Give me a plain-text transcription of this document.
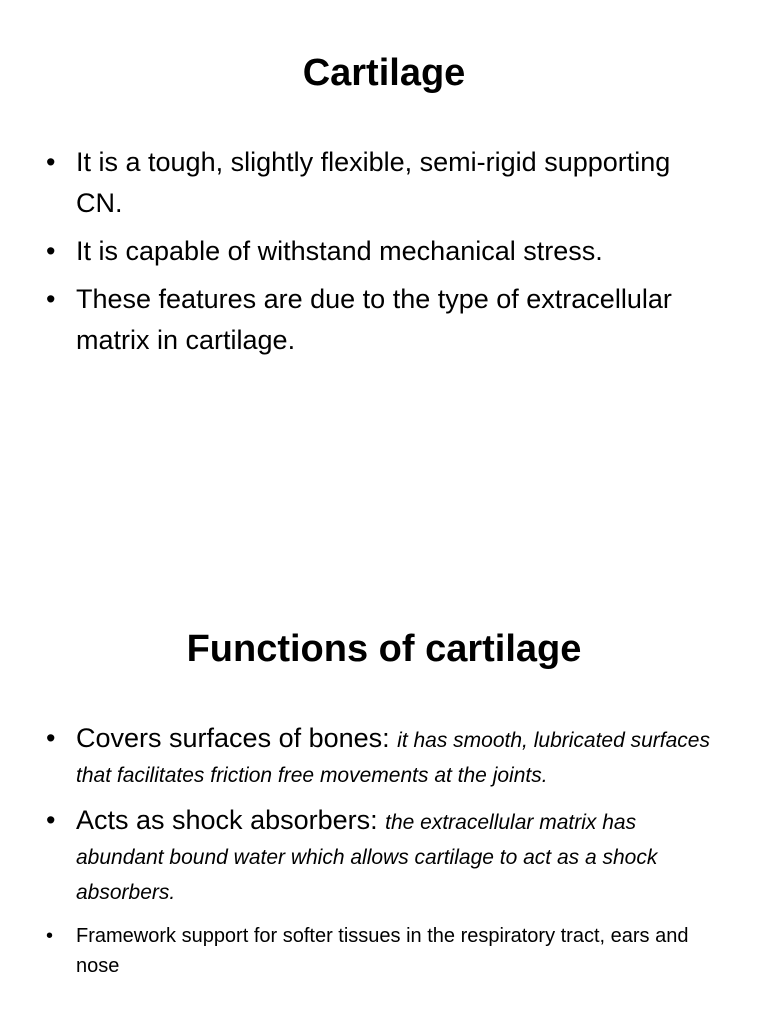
Cartilage
• It is a tough, slightly flexible, semi-rigid supporting CN.
• It is capable of withstand mechanical stress.
• These features are due to the type of extracellular matrix in cartilage.
Functions of cartilage
• Covers surfaces of bones: it has smooth, lubricated surfaces that facilitates friction free movements at the joints.
• Acts as shock absorbers: the extracellular matrix has abundant bound water which allows cartilage to act as a shock absorbers.
• Framework support for softer tissues in the respiratory tract, ears and nose
